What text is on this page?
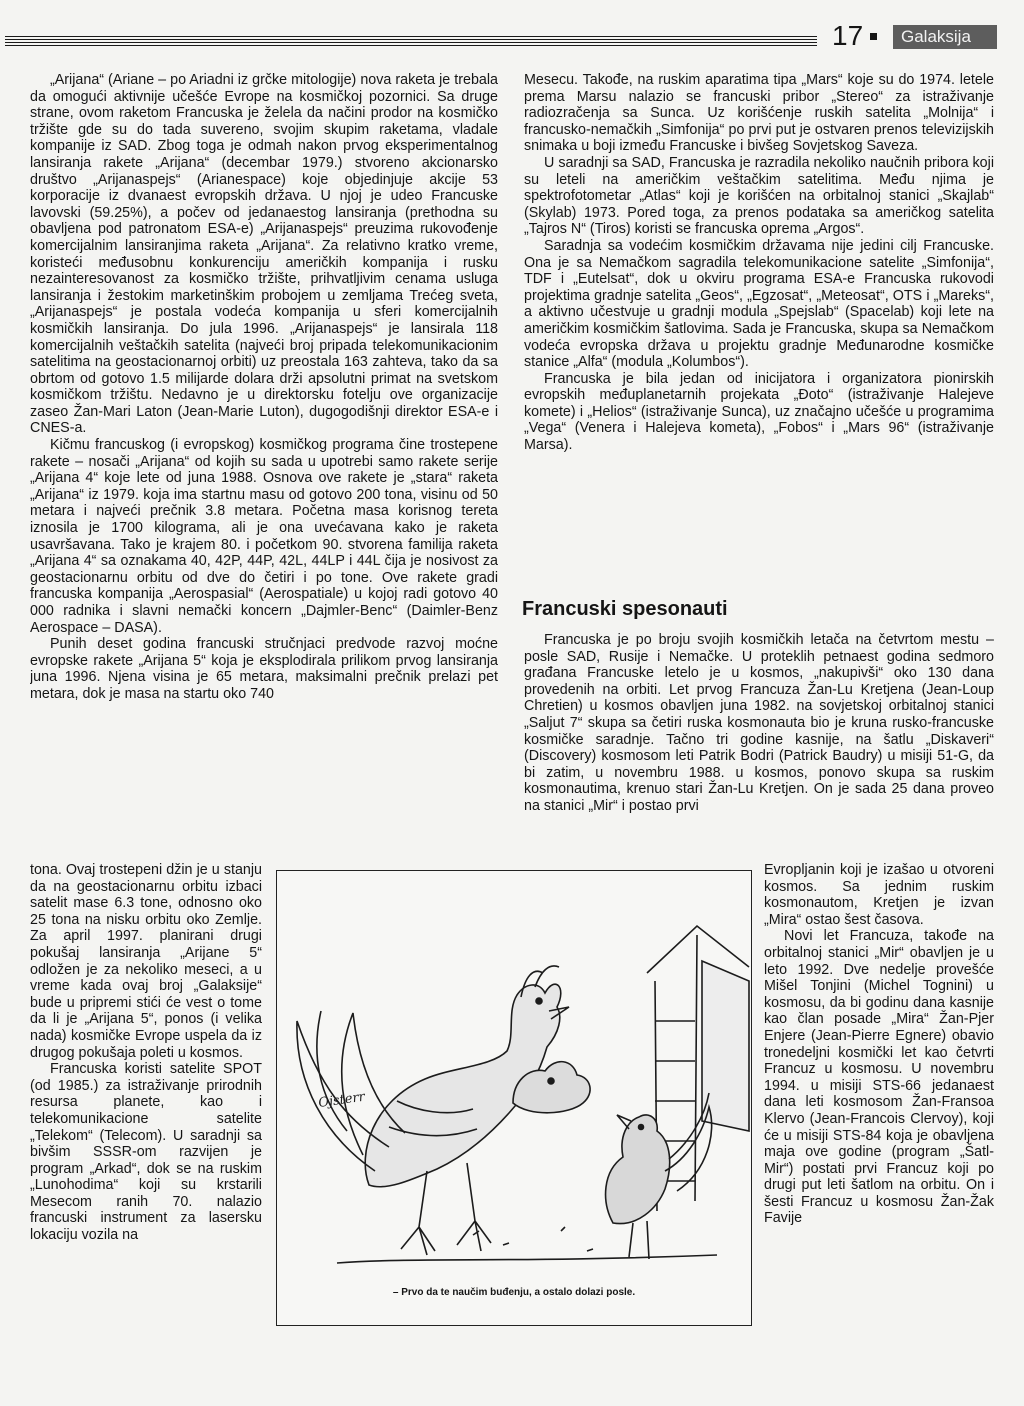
17	Galaksija

„Arijana“ (Ariane – po Ariadni iz grčke mitologije) nova raketa je trebala da omogući aktivnije učešće Evrope na kosmičkoj pozornici. Sa druge strane, ovom raketom Francuska je želela da načini prodor na kosmičko tržište gde su do tada suvereno, svojim skupim raketama, vladale kompanije iz SAD. Zbog toga je odmah nakon prvog eksperimentalnog lansiranja rakete „Arijana“ (decembar 1979.) stvoreno akcionarsko društvo „Arijanaspejs“ (Arianespace) koje objedinjuje akcije 53 korporacije iz dvanaest evropskih država. U njoj je udeo Francuske lavovski (59.25%), a počev od jedanaestog lansiranja (prethodna su obavljena pod patronatom ESA-e) „Arijanaspejs“ preuzima rukovođenje komercijalnim lansiranjima raketa „Arijana“. Za relativno kratko vreme, koristeći međusobnu konkurenciju američkih kompanija i rusku nezainteresovanost za kosmičko tržište, prihvatljivim cenama usluga lansiranja i žestokim marketinškim probojem u zemljama Trećeg sveta, „Arijanaspejs“ je postala vodeća kompanija u sferi komercijalnih kosmičkih lansiranja. Do jula 1996. „Arijanaspejs“ je lansirala 118 komercijalnih veštačkih satelita (najveći broj pripada telekomunikacionim satelitima na geostacionarnoj orbiti) uz preostala 163 zahteva, tako da sa obrtom od gotovo 1.5 milijarde dolara drži apsolutni primat na svetskom kosmičkom tržištu. Nedavno je u direktorsku fotelju ove organizacije zaseo Žan-Mari Laton (Jean-Marie Luton), dugogodišnji direktor ESA-e i CNES-a.

Kičmu francuskog (i evropskog) kosmičkog programa čine trostepene rakete – nosači „Arijana“ od kojih su sada u upotrebi samo rakete serije „Arijana 4“ koje lete od juna 1988. Osnova ove rakete je „stara“ raketa „Arijana“ iz 1979. koja ima startnu masu od gotovo 200 tona, visinu od 50 metara i najveći prečnik 3.8 metara. Početna masa korisnog tereta iznosila je 1700 kilograma, ali je ona uvećavana kako je raketa usavršavana. Tako je krajem 80. i početkom 90. stvorena familija raketa „Arijana 4“ sa oznakama 40, 42P, 44P, 42L, 44LP i 44L čija je nosivost za geostacionarnu orbitu od dve do četiri i po tone. Ove rakete gradi francuska kompanija „Aerospasial“ (Aerospatiale) u kojoj radi gotovo 40 000 radnika i slavni nemački koncern „Dajmler-Benc“ (Daimler-Benz Aerospace – DASA).

Punih deset godina francuski stručnjaci predvode razvoj moćne evropske rakete „Arijana 5“ koja je eksplodirala prilikom prvog lansiranja juna 1996. Njena visina je 65 metara, maksimalni prečnik prelazi pet metara, dok je masa na startu oko 740

tona. Ovaj trostepeni džin je u stanju da na geostacionarnu orbitu izbaci satelit mase 6.3 tone, odnosno oko 25 tona na nisku orbitu oko Zemlje. Za april 1997. planirani drugi pokušaj lansiranja „Arijane 5“ odložen je za nekoliko meseci, a u vreme kada ovaj broj „Galaksije“ bude u pripremi stići će vest o tome da li je „Arijana 5“, ponos (i velika nada) kosmičke Evrope uspela da iz drugog pokušaja poleti u kosmos.

Francuska koristi satelite SPOT (od 1985.) za istraživanje prirodnih resursa planete, kao i telekomunikacione satelite „Telekom“ (Telecom). U saradnji sa bivšim SSSR-om razvijen je program „Arkad“, dok se na ruskim „Lunohodima“ koji su krstarili Mesecom ranih 70. nalazio francuski instrument za lasersku lokaciju vozila na

Mesecu. Takođe, na ruskim aparatima tipa „Mars“ koje su do 1974. letele prema Marsu nalazio se francuski pribor „Stereo“ za istraživanje radiozračenja sa Sunca. Uz korišćenje ruskih satelita „Molnija“ i francusko-nemačkih „Simfonija“ po prvi put je ostvaren prenos televizijskih snimaka u boji između Francuske i bivšeg Sovjetskog Saveza.

U saradnji sa SAD, Francuska je razradila nekoliko naučnih pribora koji su leteli na američkim veštačkim satelitima. Među njima je spektrofotometar „Atlas“ koji je korišćen na orbitalnoj stanici „Skajlab“ (Skylab) 1973. Pored toga, za prenos podataka sa američkog satelita „Tajros N“ (Tiros) koristi se francuska oprema „Argos“.

Saradnja sa vodećim kosmičkim državama nije jedini cilj Francuske. Ona je sa Nemačkom sagradila telekomunikacione satelite „Simfonija“, TDF i „Eutelsat“, dok u okviru programa ESA-e Francuska rukovodi projektima gradnje satelita „Geos“, „Egzosat“, „Meteosat“, OTS i „Mareks“, a aktivno učestvuje u gradnji modula „Spejslab“ (Spacelab) koji lete na američkim kosmičkim šatlovima. Sada je Francuska, skupa sa Nemačkom vodeća evropska država u projektu gradnje Međunarodne kosmičke stanice „Alfa“ (modula „Kolumbos“).

Francuska je bila jedan od inicijatora i organizatora pionirskih evropskih međuplanetarnih projekata „Đoto“ (istraživanje Halejeve komete) i „Helios“ (istraživanje Sunca), uz značajno učešće u programima „Vega“ (Venera i Halejeva kometa), „Fobos“ i „Mars 96“ (istraživanje Marsa).

Francuski spesonauti

Francuska je po broju svojih kosmičkih letača na četvrtom mestu – posle SAD, Rusije i Nemačke. U proteklih petnaest godina sedmoro građana Francuske letelo je u kosmos, „nakupivši“ oko 130 dana provedenih na orbiti. Let prvog Francuza Žan-Lu Kretjena (Jean-Loup Chretien) u kosmos obavljen juna 1982. na sovjetskoj orbitalnoj stanici „Saljut 7“ skupa sa četiri ruska kosmonauta bio je kruna rusko-francuske kosmičke saradnje. Tačno tri godine kasnije, na šatlu „Diskaveri“ (Discovery) kosmosom leti Patrik Bodri (Patrick Baudry) u misiji 51-G, da bi zatim, u novembru 1988. u kosmos, ponovo skupa sa ruskim kosmonautima, krenuo stari Žan-Lu Kretjen. On je sada 25 dana proveo na stanici „Mir“ i postao prvi

Evropljanin koji je izašao u otvoreni kosmos. Sa jednim ruskim kosmonautom, Kretjen je izvan „Mira“ ostao šest časova.

Novi let Francuza, takođe na orbitalnoj stanici „Mir“ obavljen je u leto 1992. Dve nedelje provešće Mišel Tonjini (Michel Tognini) u kosmosu, da bi godinu dana kasnije kao član posade „Mira“ Žan-Pjer Enjere (Jean-Pierre Egnere) obavio tronedeljni kosmički let kao četvrti Francuz u kosmosu. U novembru 1994. u misiji STS-66 jedanaest dana leti kosmosom Žan-Fransoa Klervo (Jean-Francois Clervoy), koji će u misiji STS-84 koja je obavljena maja ove godine (program „Šatl-Mir“) postati prvi Francuz koji po drugi put leti šatlom na orbitu. On i šesti Francuz u kosmosu Žan-Žak Favije

Ojsterr
– Prvo da te naučim buđenju, a ostalo dolazi posle.
